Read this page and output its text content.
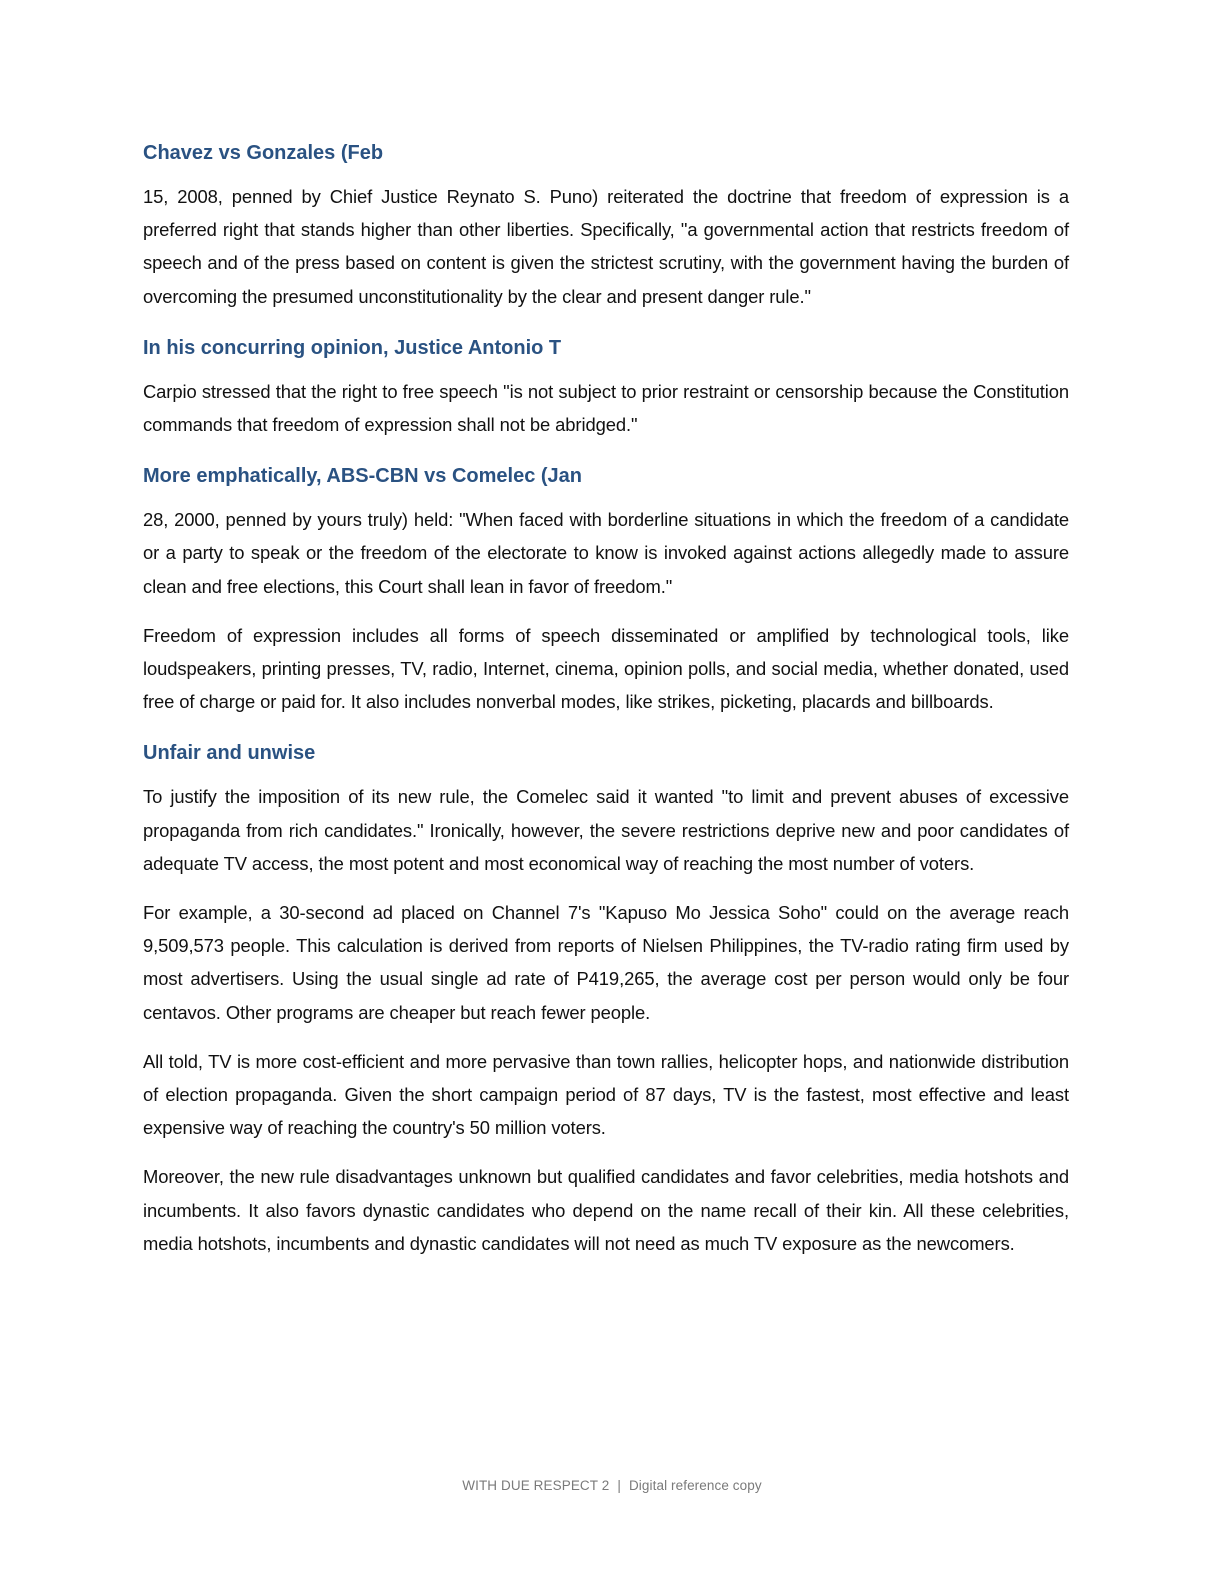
Chavez vs Gonzales (Feb

15, 2008, penned by Chief Justice Reynato S. Puno) reiterated the doctrine that freedom of expression is a preferred right that stands higher than other liberties. Specifically, "a governmental action that restricts freedom of speech and of the press based on content is given the strictest scrutiny, with the government having the burden of overcoming the presumed unconstitutionality by the clear and present danger rule."

In his concurring opinion, Justice Antonio T

Carpio stressed that the right to free speech "is not subject to prior restraint or censorship because the Constitution commands that freedom of expression shall not be abridged."

More emphatically, ABS-CBN vs Comelec (Jan

28, 2000, penned by yours truly) held: "When faced with borderline situations in which the freedom of a candidate or a party to speak or the freedom of the electorate to know is invoked against actions allegedly made to assure clean and free elections, this Court shall lean in favor of freedom."

Freedom of expression includes all forms of speech disseminated or amplified by technological tools, like loudspeakers, printing presses, TV, radio, Internet, cinema, opinion polls, and social media, whether donated, used free of charge or paid for. It also includes nonverbal modes, like strikes, picketing, placards and billboards.

Unfair and unwise

To justify the imposition of its new rule, the Comelec said it wanted "to limit and prevent abuses of excessive propaganda from rich candidates." Ironically, however, the severe restrictions deprive new and poor candidates of adequate TV access, the most potent and most economical way of reaching the most number of voters.

For example, a 30-second ad placed on Channel 7's "Kapuso Mo Jessica Soho" could on the average reach 9,509,573 people. This calculation is derived from reports of Nielsen Philippines, the TV-radio rating firm used by most advertisers. Using the usual single ad rate of P419,265, the average cost per person would only be four centavos. Other programs are cheaper but reach fewer people.

All told, TV is more cost-efficient and more pervasive than town rallies, helicopter hops, and nationwide distribution of election propaganda. Given the short campaign period of 87 days, TV is the fastest, most effective and least expensive way of reaching the country's 50 million voters.

Moreover, the new rule disadvantages unknown but qualified candidates and favor celebrities, media hotshots and incumbents. It also favors dynastic candidates who depend on the name recall of their kin. All these celebrities, media hotshots, incumbents and dynastic candidates will not need as much TV exposure as the newcomers.

WITH DUE RESPECT 2 | Digital reference copy
